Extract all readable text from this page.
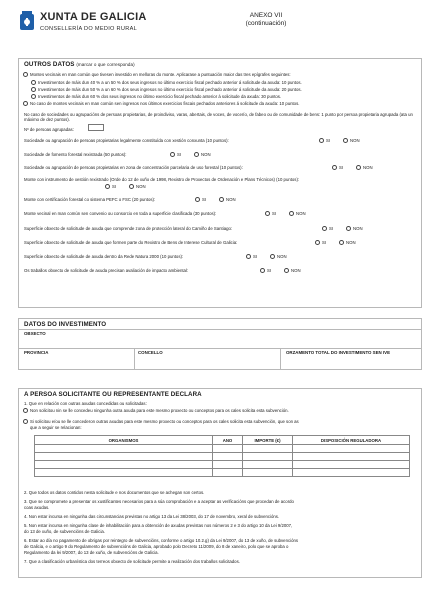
XUNTA DE GALICIA
CONSELLERÍA DO MEDIO RURAL
ANEXO VII
(continuación)
OUTROS DATOS (marcar o que corresponda)
Montes vecinais en man común que tivesen investido en melloras do monte. Aplicarase a puntuación maior das tres epígrafes seguintes:
Investimentos de máis dun 40 % a un 50 % dos seus ingresos no último exercicio fiscal pechado anterior á solicitude da axuda: 10 puntos.
Investimentos de máis dun 50 % a un 60 % dos seus ingresos no último exercicio fiscal pechado anterior á solicitude da axuda: 20 puntos.
Investimentos de máis dun 60 % dos seus ingresos no último exercicio fiscal pechado anterior á solicitude da axuda: 30 puntos.
No caso de montes vecinais en man común sen ingresos nos últimos exercicios fiscais pechados anteriores á solicitude da axuda: 10 puntos.
No caso de sociedades ou agrupacións de persoas propietarias, de proindiviso, varas, abertais, de voces, de vocerío, de fabeo ou de comunidade de bens: 1 punto por persoa propietaria agrupada (ata un máximo de dez puntos).
Nº de persoas agrupadas:
Sociedade ou agrupación de persoas propietarias legalmente constituída con xestión conxunta (10 puntos):	SI	NON
Sociedade de fomento forestal rexistrada (50 puntos):	SI	NON
Sociedade ou agrupación de persoas propietarias en zona de concentración parcelaria de uso forestal (10 puntos):	SI	NON
Monte con instrumento de xestión rexistrado (Orde do 12 de xuño de 1998, Rexistro de Proxectos de Ordenación e Plans Técnicos) (10 puntos):
SI	NON
Monte con certificación forestal co sistema PEFC o FSC (20 puntos):	SI	NON
Monte vecinal en man común sen convenio ou consorcio en toda a superficie clasificada (30 puntos):	SI	NON
Superficie obxecto de solicitude de axuda que comprende zona de protección lateral do Camiño de Santiago:	SI	NON
Superficie obxecto de solicitude de axuda que formen parte do Rexistro de Bens de Interese Cultural de Galicia:	SI	NON
Superficie obxecto de solicitude de axuda dentro da Rede Natura 2000 (10 puntos):	SI	NON
Os traballos obxecto de solicitude de axuda precisan avaliación de impacto ambiental:	SI	NON
DATOS DO INVESTIMENTO
OBXECTO
PROVINCIA	CONCELLO	ORZAMENTO TOTAL DO INVESTIMENTO SEN IVE
A PERSOA SOLICITANTE OU REPRESENTANTE DECLARA
1. Que en relación con outras axudas concedidas ou solicitadas:
Non solicitou nin se lle concedeu ningunha outra axuda para este mesmo proxecto ou conceptos para os cales solicita esta subvención.
Si solicitou e/ou se lle concederon outras axudas para este mesmo proxecto ou conceptos para os cales solicita esta subvención, que son as
que a seguir se relacionan:
ORGANISMOS	ANO	IMPORTE (€)	DISPOSICIÓN REGULADORA

2. Que todos os datos contidos nesta solicitude e nos documentos que se achegan son certos.
3. Que se compromete a presentar os xustificantes necesarios para a súa comprobación e a aceptar as verificacións que procedan de acordo
coas axudas.
4. Non estar incursa en ningunha das circunstancias previstas no artigo 13 da Lei 38/2003, do 17 de novembro, xeral de subvencións.
5. Non estar incursa en ningunha clase de inhabilitación para a obtención de axudas previstas nos números 2 e 3 do artigo 10 da Lei 9/2007,
do 13 de xuño, de subvencións de Galicia.
6. Estar ao día no pagamento de obrigas por reintegro de subvencións, conforme o artigo 10.2.g) da Lei 9/2007, do 13 de xuño, de subvencións
de Galicia, e o artigo 9 do Regulamento de subvencións de Galicia, aprobado polo Decreto 11/2009, do 8 de xaneiro, polo que se aproba o
Regulamento da lei 9/2007, do 13 de xuño, de subvencións de Galicia.
7. Que a clasificación urbanística dos terreos obxecto de solicitude permite a realización dos traballos solicitados.
